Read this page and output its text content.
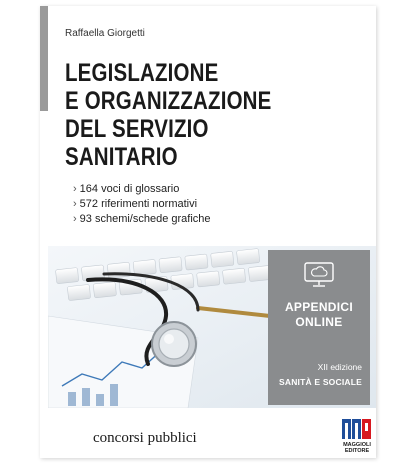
Raffaella Giorgetti
LEGISLAZIONE
E ORGANIZZAZIONE
DEL SERVIZIO
SANITARIO
› 164 voci di glossario
› 572 riferimenti normativi
› 93 schemi/schede grafiche
APPENDICI
ONLINE
XII edizione
SANITÀ E SOCIALE
concorsi pubblici	MAGGIOLI
EDITORE
